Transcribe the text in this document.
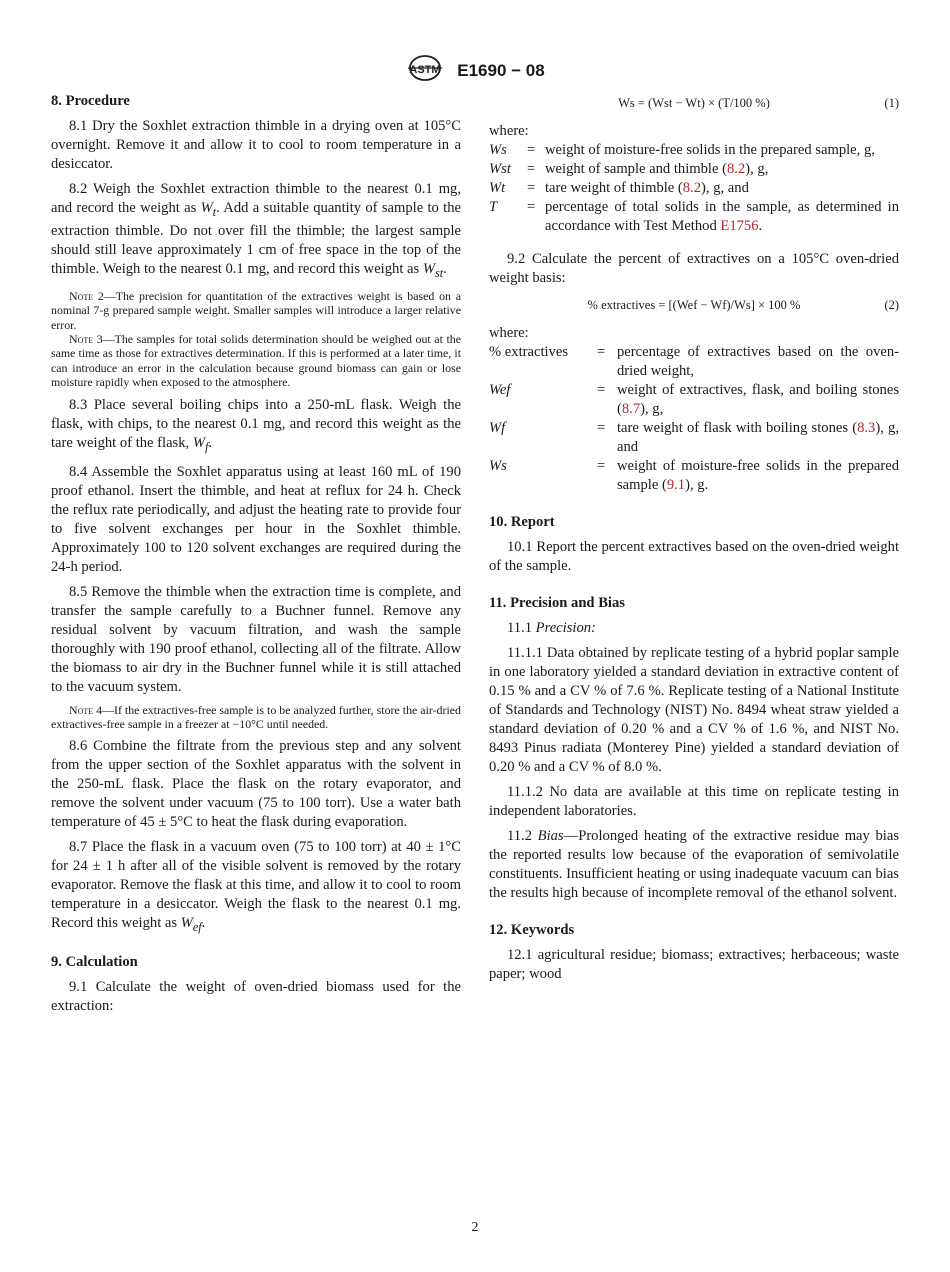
ASTM E1690 − 08
8. Procedure

8.1 Dry the Soxhlet extraction thimble in a drying oven at 105°C overnight. Remove it and allow it to cool to room temperature in a desiccator.

8.2 Weigh the Soxhlet extraction thimble to the nearest 0.1 mg, and record the weight as $W_t$. Add a suitable quantity of sample to the extraction thimble. Do not over fill the thimble; the largest sample should still leave approximately 1 cm of free space in the top of the thimble. Weigh to the nearest 0.1 mg, and record this weight as $W_{st}$.

Note 2—The precision for quantitation of the extractives weight is based on a nominal 7-g prepared sample weight. Smaller samples will introduce a larger relative error.
Note 3—The samples for total solids determination should be weighed out at the same time as those for extractives determination. If this is performed at a later time, it can introduce an error in the calculation because ground biomass can gain or lose moisture rapidly when exposed to the atmosphere.

8.3 Place several boiling chips into a 250-mL flask. Weigh the flask, with chips, to the nearest 0.1 mg, and record this weight as the tare weight of the flask, $W_f$.

8.4 Assemble the Soxhlet apparatus using at least 160 mL of 190 proof ethanol. Insert the thimble, and heat at reflux for 24 h. Check the reflux rate periodically, and adjust the heating rate to provide four to five solvent exchanges per hour in the Soxhlet thimble. Approximately 100 to 120 solvent exchanges are required during the 24-h period.

8.5 Remove the thimble when the extraction time is complete, and transfer the sample carefully to a Buchner funnel. Remove any residual solvent by vacuum filtration, and wash the sample thoroughly with 190 proof ethanol, collecting all of the filtrate. Allow the biomass to air dry in the Buchner funnel while it is still attached to the vacuum system.

Note 4—If the extractives-free sample is to be analyzed further, store the air-dried extractives-free sample in a freezer at −10°C until needed.

8.6 Combine the filtrate from the previous step and any solvent from the upper section of the Soxhlet apparatus with the solvent in the 250-mL flask. Place the flask on the rotary evaporator, and remove the solvent under vacuum (75 to 100 torr). Use a water bath temperature of 45 ± 5°C to heat the flask during evaporation.

8.7 Place the flask in a vacuum oven (75 to 100 torr) at 40 ± 1°C for 24 ± 1 h after all of the visible solvent is removed by the rotary evaporator. Remove the flask at this time, and allow it to cool to room temperature in a desiccator. Weigh the flask to the nearest 0.1 mg. Record this weight as $W_{ef}$.

9. Calculation

9.1 Calculate the weight of oven-dried biomass used for the extraction:

Ws = (Wst − Wt) × (T/100 %)	(1)
where:
Ws	=	weight of moisture-free solids in the prepared sample, g,
Wst	=	weight of sample and thimble (8.2), g,
Wt	=	tare weight of thimble (8.2), g, and
T	=	percentage of total solids in the sample, as determined in accordance with Test Method E1756.

9.2 Calculate the percent of extractives on a 105°C oven-dried weight basis:

% extractives = [(Wef − Wf)/Ws] × 100 %	(2)
where:
% extractives	=	percentage of extractives based on the oven-dried weight,
Wef	=	weight of extractives, flask, and boiling stones (8.7), g,
Wf	=	tare weight of flask with boiling stones (8.3), g, and
Ws	=	weight of moisture-free solids in the prepared sample (9.1), g.
10. Report

10.1 Report the percent extractives based on the oven-dried weight of the sample.

11. Precision and Bias

11.1 Precision:

11.1.1 Data obtained by replicate testing of a hybrid poplar sample in one laboratory yielded a standard deviation in extractive content of 0.15 % and a CV % of 7.6 %. Replicate testing of a National Institute of Standards and Technology (NIST) No. 8494 wheat straw yielded a standard deviation of 0.20 % and a CV % of 1.6 %, and NIST No. 8493 Pinus radiata (Monterey Pine) yielded a standard deviation of 0.20 % and a CV % of 8.0 %.

11.1.2 No data are available at this time on replicate testing in independent laboratories.

11.2 Bias—Prolonged heating of the extractive residue may bias the reported results low because of the evaporation of semivolatile constituents. Insufficient heating or using inadequate vacuum can bias the results high because of incomplete removal of the ethanol solvent.

12. Keywords

12.1 agricultural residue; biomass; extractives; herbaceous; waste paper; wood

2
